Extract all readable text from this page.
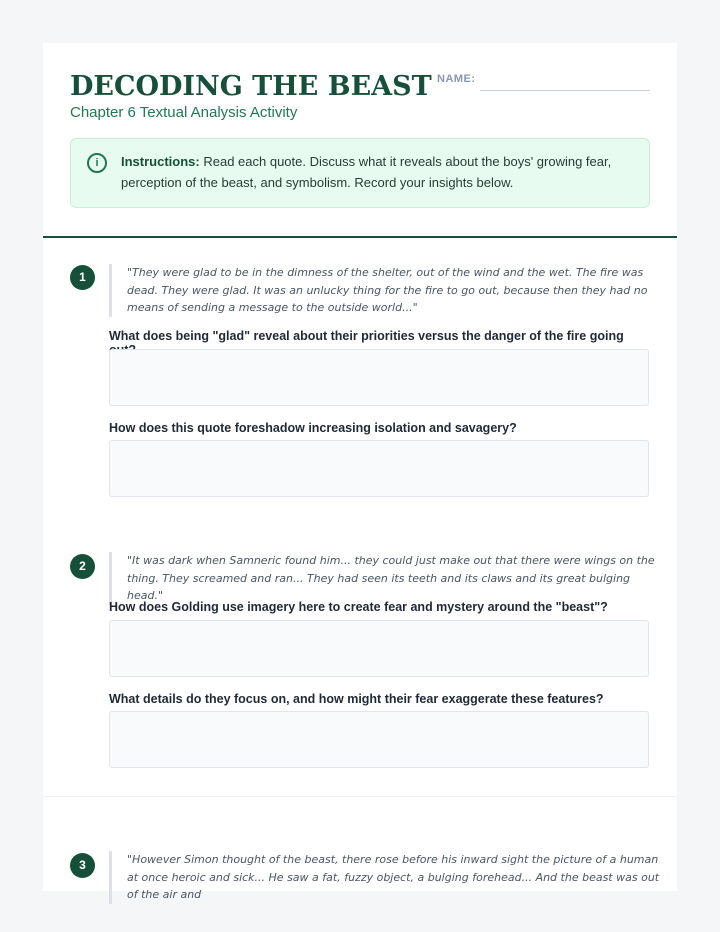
DECODING THE BEAST

Chapter 6 Textual Analysis Activity

NAME:
i	Instructions: Read each quote. Discuss what it reveals about the boys' growing fear, perception of the beast, and symbolism. Record your insights below.
1	"They were glad to be in the dimness of the shelter, out of the wind and the wet. The fire was dead. They were glad. It was an unlucky thing for the fire to go out, because then they had no means of sending a message to the outside world..."
What does being "glad" reveal about their priorities versus the danger of the fire going
How does this quote foreshadow increasing isolation and savagery?
2	"It was dark when Samneric found him... they could just make out that there were wings on the thing. They screamed and ran... They had seen its teeth and its claws and its great bulging head."
How does Golding use imagery here to create fear and mystery around the "beast"?
What details do they focus on, and how might their fear exaggerate these features?
3	"However Simon thought of the beast, there rose before his inward sight the picture of a human at once heroic and sick... He saw a fat, fuzzy object, a bulging forehead... And the beast was out of the air and
